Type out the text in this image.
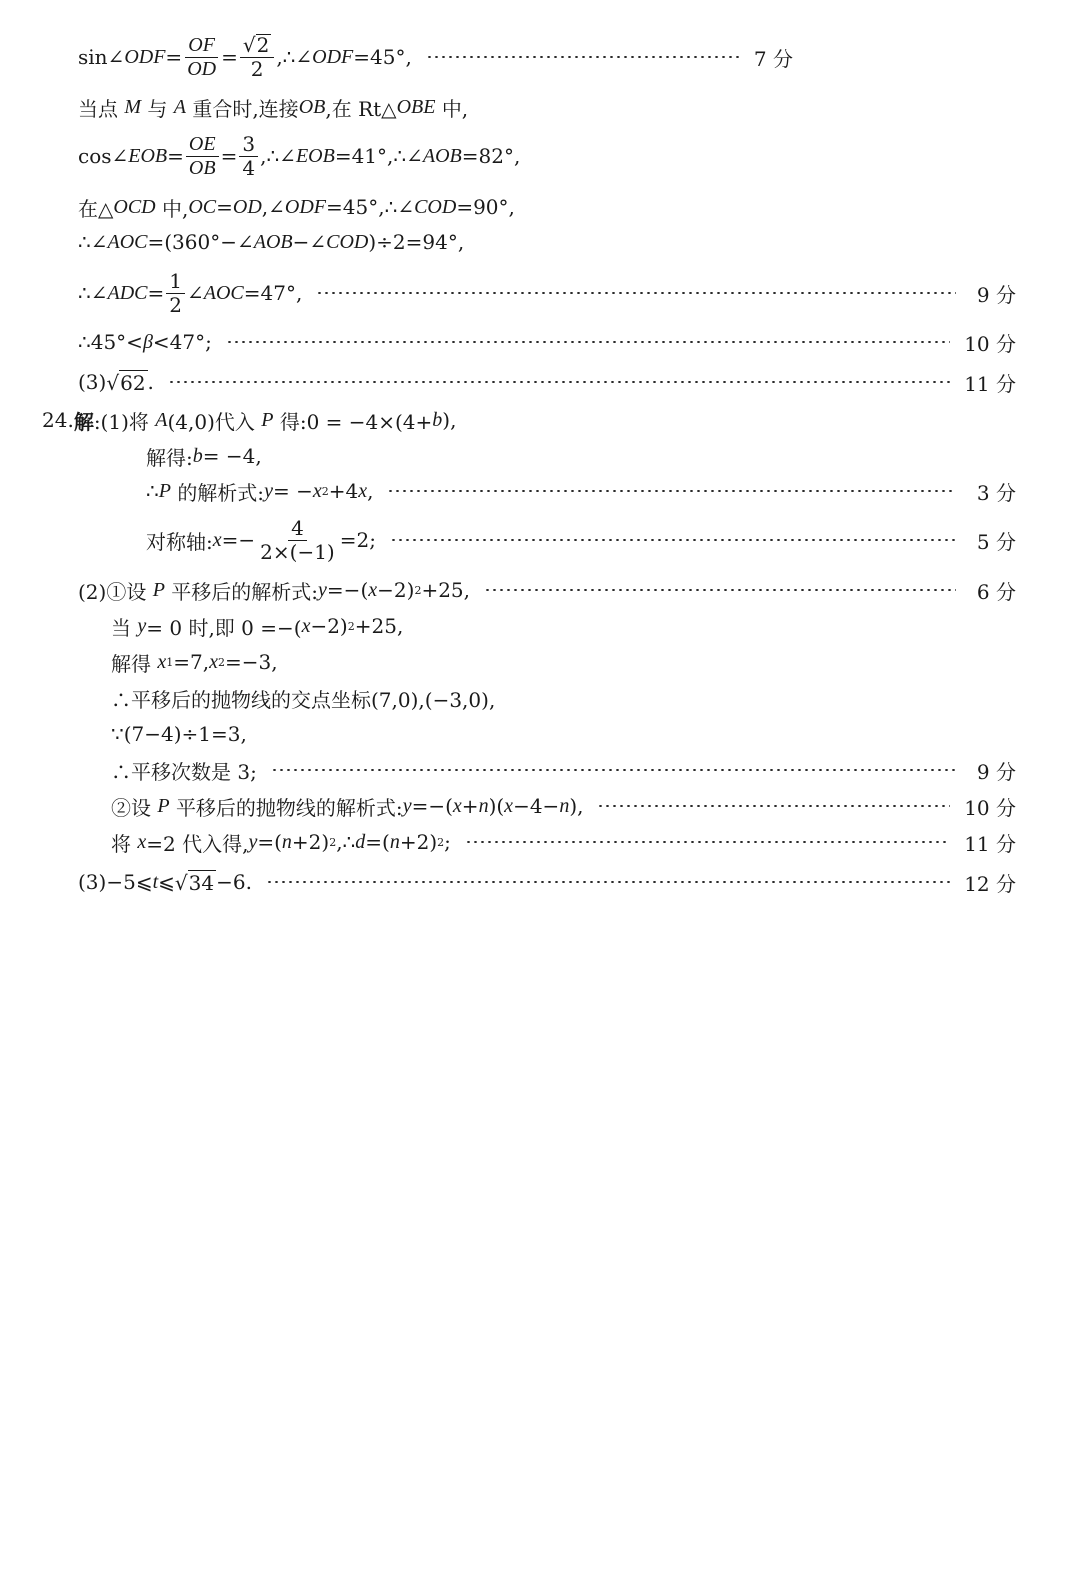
sin∠ ODF = $\frac{OF}{OD} = \frac{√ 2}{2}$ ,∴∠ ODF =45°,	7 分
当点
M
与
A
重合时,连接 OB ,在 Rt△ OBE
中,
cos∠ EOB = $\frac{OE}{OB} = \frac{3}{4}$ ,∴∠ EOB =41°,∴∠ AOB =82°,
在△ OCD
中, OC = OD ,∠ ODF =45°,∴∠ COD =90°,
∴∠ AOC =(360°−∠ AOB −∠ COD )÷2=94°,
∴∠ ADC = $\frac{1}{2}$ ∠ AOC =47°,	9 分
∴45°< β <47°;	10 分
(3) √ 62 .	11 分
24. 解 :(1)将
A (4,0)代入
P
得:0 = −4×(4+ b ),
解得: b = −4,
∴ P
的解析式: y = − x 2 +4 x ,	3 分
对称轴: $x =- \frac{4}{2\times(-1)} =2$;	5 分
(2)①设
P
平移后的解析式: y =−( x −2) 2 +25,	6 分
当
y = 0 时,即 0 =−( x −2) 2 +25,
解得
x 1 =7, x 2 =−3,
∴平移后的抛物线的交点坐标(7,0),(−3,0),
∵(7−4)÷1=3,
∴平移次数是 3;	9 分
②设
P
平移后的抛物线的解析式: y =−( x + n )( x −4− n ),	10 分
将
x =2 代入得, y =( n +2) 2 ,∴ d =( n +2) 2 ;	11 分
(3)−5⩽ t ⩽ √ 34 −6.	12 分
